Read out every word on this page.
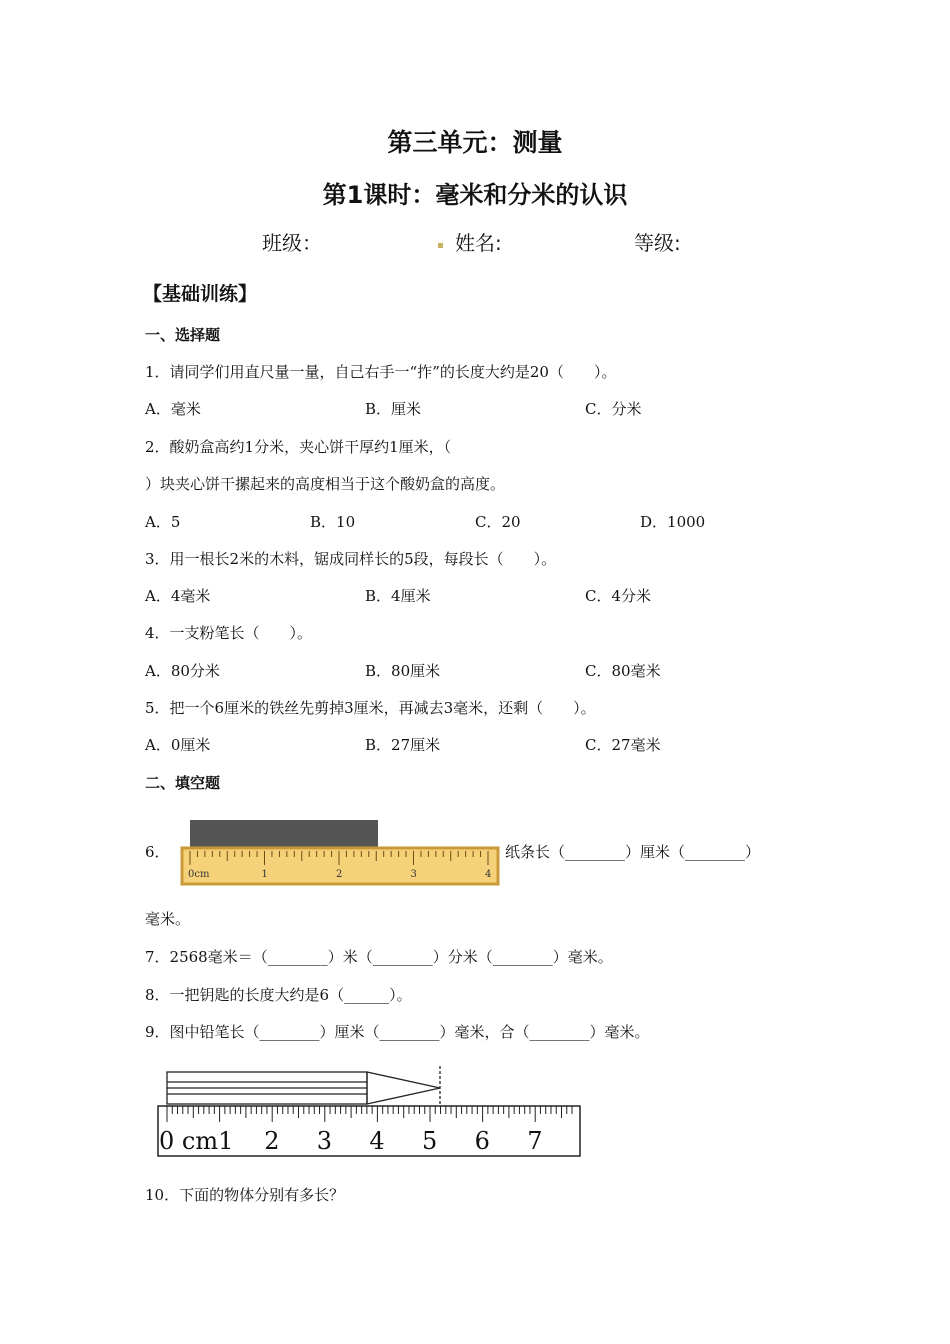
第三单元：测量
第1课时：毫米和分米的认识
班级：	姓名:	等级:
【基础训练】
一、选择题
1．请同学们用直尺量一量，自己右手一“拃”的长度大约是20（　　）。
A．毫米	B．厘米	C．分米
2．酸奶盒高约1分米，夹心饼干厚约1厘米，（
）块夹心饼干摞起来的高度相当于这个酸奶盒的高度。
A．5	B．10	C．20	D．1000
3．用一根长2米的木料，锯成同样长的5段，每段长（　　）。
A．4毫米	B．4厘米	C．4分米
4．一支粉笔长（　　）。
A．80分米	B．80厘米	C．80毫米
5．把一个6厘米的铁丝先剪掉3厘米，再减去3毫米，还剩（　　）。
A．0厘米	B．27厘米	C．27毫米
二、填空题
6．
0cm	1	2	3	4
纸条长（________）厘米（________）
毫米。
7．2568毫米＝（________）米（________）分米（________）毫米。
8．一把钥匙的长度大约是6（______）。
9．图中铅笔长（________）厘米（________）毫米，合（________）毫米。
0 cm1 2 3 4 5 6 7
10．下面的物体分别有多长？
